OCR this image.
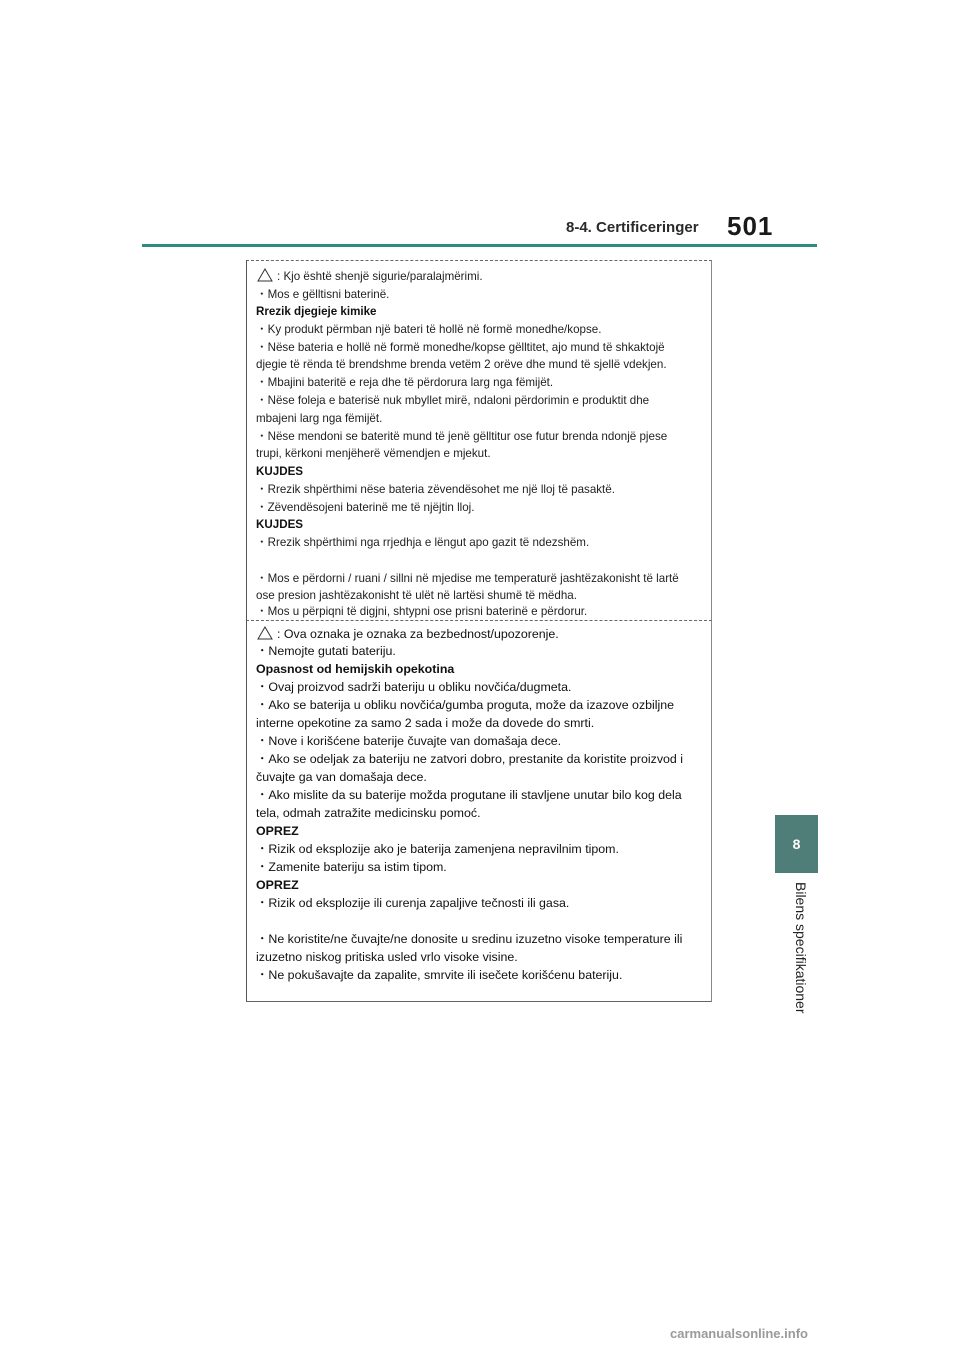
8-4. Certificeringer 501
8
Bilens specifikationer
: Kjo është shenjë sigurie/paralajmërimi.
・Mos e gëlltisni baterinë.
Rrezik djegieje kimike
・Ky produkt përmban një bateri të hollë në formë monedhe/kopse.
・Nëse bateria e hollë në formë monedhe/kopse gëlltitet, ajo mund të shkaktojë
djegie të rënda të brendshme brenda vetëm 2 orëve dhe mund të sjellë vdekjen.
・Mbajini bateritë e reja dhe të përdorura larg nga fëmijët.
・Nëse foleja e baterisë nuk mbyllet mirë, ndaloni përdorimin e produktit dhe
mbajeni larg nga fëmijët.
・Nëse mendoni se bateritë mund të jenë gëlltitur ose futur brenda ndonjë pjese
trupi, kërkoni menjëherë vëmendjen e mjekut.
KUJDES
・Rrezik shpërthimi nëse bateria zëvendësohet me një lloj të pasaktë.
・Zëvendësojeni baterinë me të njëjtin lloj.
KUJDES
・Rrezik shpërthimi nga rrjedhja e lëngut apo gazit të ndezshëm.
・Mos e përdorni / ruani / sillni në mjedise me temperaturë jashtëzakonisht të lartë
ose presion jashtëzakonisht të ulët në lartësi shumë të mëdha.
・Mos u përpiqni të digjni, shtypni ose prisni baterinë e përdorur.
: Ova oznaka je oznaka za bezbednost/upozorenje.
・Nemojte gutati bateriju.
Opasnost od hemijskih opekotina
・Ovaj proizvod sadrži bateriju u obliku novčića/dugmeta.
・Ako se baterija u obliku novčića/gumba proguta, može da izazove ozbiljne
interne opekotine za samo 2 sada i može da dovede do smrti.
・Nove i korišćene baterije čuvajte van domašaja dece.
・Ako se odeljak za bateriju ne zatvori dobro, prestanite da koristite proizvod i
čuvajte ga van domašaja dece.
・Ako mislite da su baterije možda progutane ili stavljene unutar bilo kog dela
tela, odmah zatražite medicinsku pomoć.
OPREZ
・Rizik od eksplozije ako je baterija zamenjena nepravilnim tipom.
・Zamenite bateriju sa istim tipom.
OPREZ
・Rizik od eksplozije ili curenja zapaljive tečnosti ili gasa.
・Ne koristite/ne čuvajte/ne donosite u sredinu izuzetno visoke temperature ili
izuzetno niskog pritiska usled vrlo visoke visine.
・Ne pokušavajte da zapalite, smrvite ili isečete korišćenu bateriju.
carmanualsonline.info
